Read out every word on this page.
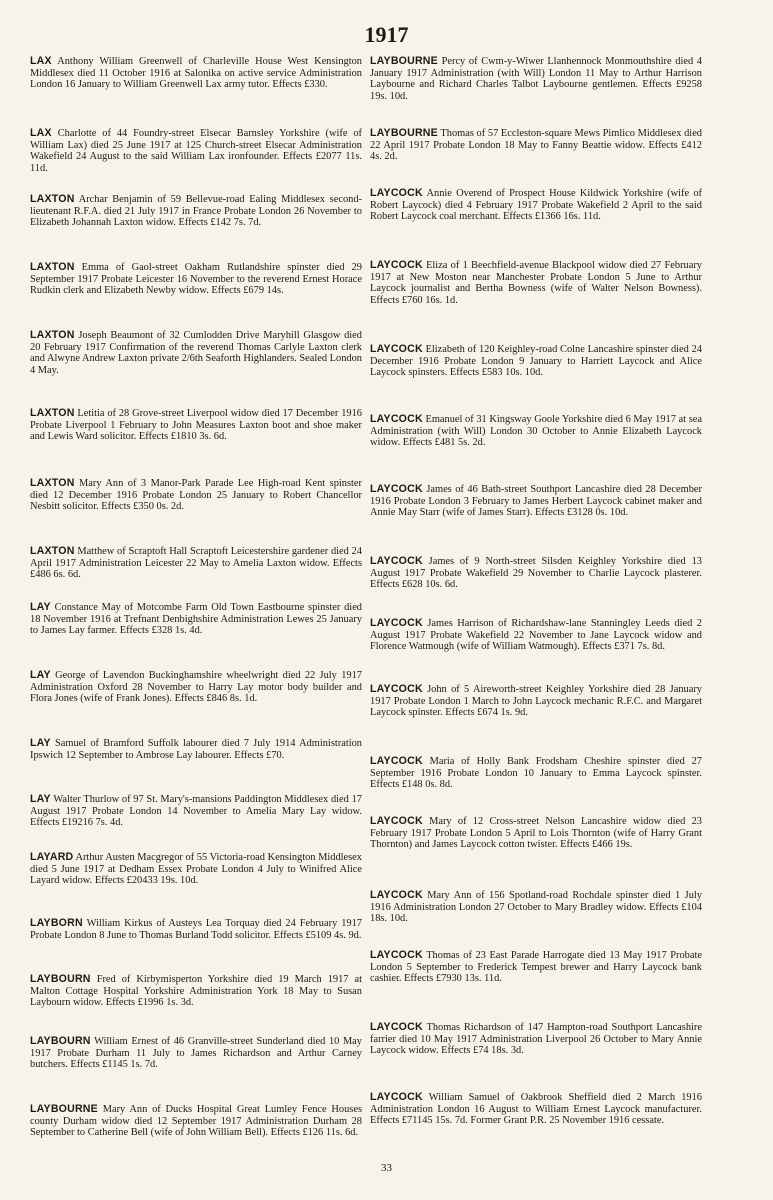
1917

LAX Anthony William Greenwell of Charleville House West Kensington Middlesex died 11 October 1916 at Salonika on active service Administration London 16 January to William Greenwell Lax army tutor. Effects £330.

LAX Charlotte of 44 Foundry-street Elsecar Barnsley Yorkshire (wife of William Lax) died 25 June 1917 at 125 Church-street Elsecar Administration Wakefield 24 August to the said William Lax ironfounder. Effects £2077 11s. 11d.

LAXTON Archar Benjamin of 59 Bellevue-road Ealing Middlesex second-lieutenant R.F.A. died 21 July 1917 in France Probate London 26 November to Elizabeth Johannah Laxton widow. Effects £142 7s. 7d.

LAXTON Emma of Gaol-street Oakham Rutlandshire spinster died 29 September 1917 Probate Leicester 16 November to the reverend Ernest Horace Rudkin clerk and Elizabeth Newby widow. Effects £679 14s.

LAXTON Joseph Beaumont of 32 Cumlodden Drive Maryhill Glasgow died 20 February 1917 Confirmation of the reverend Thomas Carlyle Laxton clerk and Alwyne Andrew Laxton private 2/6th Seaforth Highlanders. Sealed London 4 May.

LAXTON Letitia of 28 Grove-street Liverpool widow died 17 December 1916 Probate Liverpool 1 February to John Measures Laxton boot and shoe maker and Lewis Ward solicitor. Effects £1810 3s. 6d.

LAXTON Mary Ann of 3 Manor-Park Parade Lee High-road Kent spinster died 12 December 1916 Probate London 25 January to Robert Chancellor Nesbitt solicitor. Effects £350 0s. 2d.

LAXTON Matthew of Scraptoft Hall Scraptoft Leicestershire gardener died 24 April 1917 Administration Leicester 22 May to Amelia Laxton widow. Effects £486 6s. 6d.

LAY Constance May of Motcombe Farm Old Town Eastbourne spinster died 18 November 1916 at Trefnant Denbighshire Administration Lewes 25 January to James Lay farmer. Effects £328 1s. 4d.

LAY George of Lavendon Buckinghamshire wheelwright died 22 July 1917 Administration Oxford 28 November to Harry Lay motor body builder and Flora Jones (wife of Frank Jones). Effects £846 8s. 1d.

LAY Samuel of Bramford Suffolk labourer died 7 July 1914 Administration Ipswich 12 September to Ambrose Lay labourer. Effects £70.

LAY Walter Thurlow of 97 St. Mary's-mansions Paddington Middlesex died 17 August 1917 Probate London 14 November to Amelia Mary Lay widow. Effects £19216 7s. 4d.

LAYARD Arthur Austen Macgregor of 55 Victoria-road Kensington Middlesex died 5 June 1917 at Dedham Essex Probate London 4 July to Winifred Alice Layard widow. Effects £20433 19s. 10d.

LAYBORN William Kirkus of Austeys Lea Torquay died 24 February 1917 Probate London 8 June to Thomas Burland Todd solicitor. Effects £5109 4s. 9d.

LAYBOURN Fred of Kirbymisperton Yorkshire died 19 March 1917 at Malton Cottage Hospital Yorkshire Administration York 18 May to Susan Laybourn widow. Effects £1996 1s. 3d.

LAYBOURN William Ernest of 46 Granville-street Sunderland died 10 May 1917 Probate Durham 11 July to James Richardson and Arthur Carney butchers. Effects £1145 1s. 7d.

LAYBOURNE Mary Ann of Ducks Hospital Great Lumley Fence Houses county Durham widow died 12 September 1917 Administration Durham 28 September to Catherine Bell (wife of John William Bell). Effects £126 11s. 6d.

LAYBOURNE Percy of Cwm-y-Wiwer Llanhennock Monmouthshire died 4 January 1917 Administration (with Will) London 11 May to Arthur Harrison Laybourne and Richard Charles Talbot Laybourne gentlemen. Effects £9258 19s. 10d.

LAYBOURNE Thomas of 57 Eccleston-square Mews Pimlico Middlesex died 22 April 1917 Probate London 18 May to Fanny Beattie widow. Effects £412 4s. 2d.

LAYCOCK Annie Overend of Prospect House Kildwick Yorkshire (wife of Robert Laycock) died 4 February 1917 Probate Wakefield 2 April to the said Robert Laycock coal merchant. Effects £1366 16s. 11d.

LAYCOCK Eliza of 1 Beechfield-avenue Blackpool widow died 27 February 1917 at New Moston near Manchester Probate London 5 June to Arthur Laycock journalist and Bertha Bowness (wife of Walter Nelson Bowness). Effects £760 16s. 1d.

LAYCOCK Elizabeth of 120 Keighley-road Colne Lancashire spinster died 24 December 1916 Probate London 9 January to Harriett Laycock and Alice Laycock spinsters. Effects £583 10s. 10d.

LAYCOCK Emanuel of 31 Kingsway Goole Yorkshire died 6 May 1917 at sea Administration (with Will) London 30 October to Annie Elizabeth Laycock widow. Effects £481 5s. 2d.

LAYCOCK James of 46 Bath-street Southport Lancashire died 28 December 1916 Probate London 3 February to James Herbert Laycock cabinet maker and Annie May Starr (wife of James Starr). Effects £3128 0s. 10d.

LAYCOCK James of 9 North-street Silsden Keighley Yorkshire died 13 August 1917 Probate Wakefield 29 November to Charlie Laycock plasterer. Effects £628 10s. 6d.

LAYCOCK James Harrison of Richardshaw-lane Stanningley Leeds died 2 August 1917 Probate Wakefield 22 November to Jane Laycock widow and Florence Watmough (wife of William Watmough). Effects £371 7s. 8d.

LAYCOCK John of 5 Aireworth-street Keighley Yorkshire died 28 January 1917 Probate London 1 March to John Laycock mechanic R.F.C. and Margaret Laycock spinster. Effects £674 1s. 9d.

LAYCOCK Maria of Holly Bank Frodsham Cheshire spinster died 27 September 1916 Probate London 10 January to Emma Laycock spinster. Effects £148 0s. 8d.

LAYCOCK Mary of 12 Cross-street Nelson Lancashire widow died 23 February 1917 Probate London 5 April to Lois Thornton (wife of Harry Grant Thornton) and James Laycock cotton twister. Effects £466 19s.

LAYCOCK Mary Ann of 156 Spotland-road Rochdale spinster died 1 July 1916 Administration London 27 October to Mary Bradley widow. Effects £104 18s. 10d.

LAYCOCK Thomas of 23 East Parade Harrogate died 13 May 1917 Probate London 5 September to Frederick Tempest brewer and Harry Laycock bank cashier. Effects £7930 13s. 11d.

LAYCOCK Thomas Richardson of 147 Hampton-road Southport Lancashire farrier died 10 May 1917 Administration Liverpool 26 October to Mary Annie Laycock widow. Effects £74 18s. 3d.

LAYCOCK William Samuel of Oakbrook Sheffield died 2 March 1916 Administration London 16 August to William Ernest Laycock manufacturer. Effects £71145 15s. 7d. Former Grant P.R. 25 November 1916 cessate.

33
